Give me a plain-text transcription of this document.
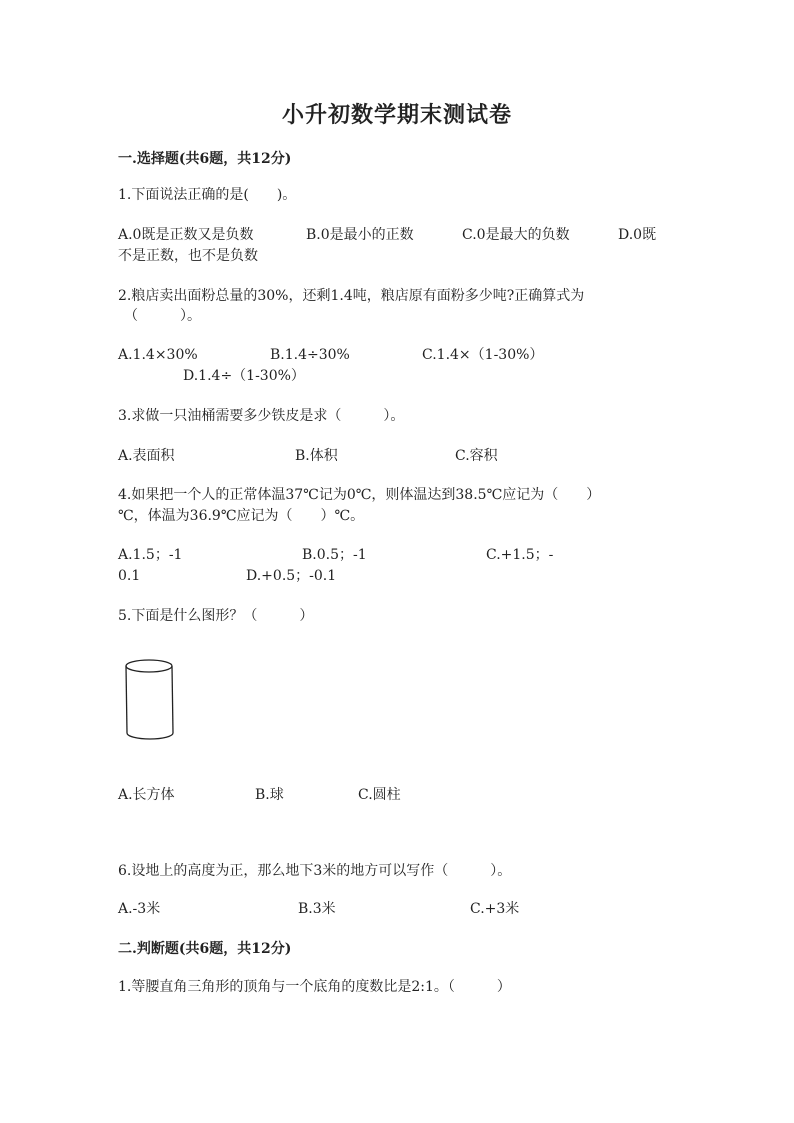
小升初数学期末测试卷
一.选择题(共6题，共12分)
1.下面说法正确的是(　　)。
A.0既是正数又是负数	B.0是最小的正数	C.0是最大的负数	D.0既
不是正数，也不是负数
2.粮店卖出面粉总量的30%，还剩1.4吨，粮店原有面粉多少吨?正确算式为
（　　　）。
A.1.4×30%	B.1.4÷30%	C.1.4×（1-30%）
D.1.4÷（1-30%）
3.求做一只油桶需要多少铁皮是求（　　　）。
A.表面积	B.体积	C.容积
4.如果把一个人的正常体温37℃记为0℃，则体温达到38.5℃应记为（　　）
℃，体温为36.9℃应记为（　　）℃。
A.1.5；-1	B.0.5；-1	C.+1.5；-
0.1	D.+0.5；-0.1
5.下面是什么图形？（　　　）
A.长方体	B.球	C.圆柱
6.设地上的高度为正，那么地下3米的地方可以写作（　　　）。
A.-3米	B.3米	C.+3米
二.判断题(共6题，共12分)
1.等腰直角三角形的顶角与一个底角的度数比是2:1。（　　　）
